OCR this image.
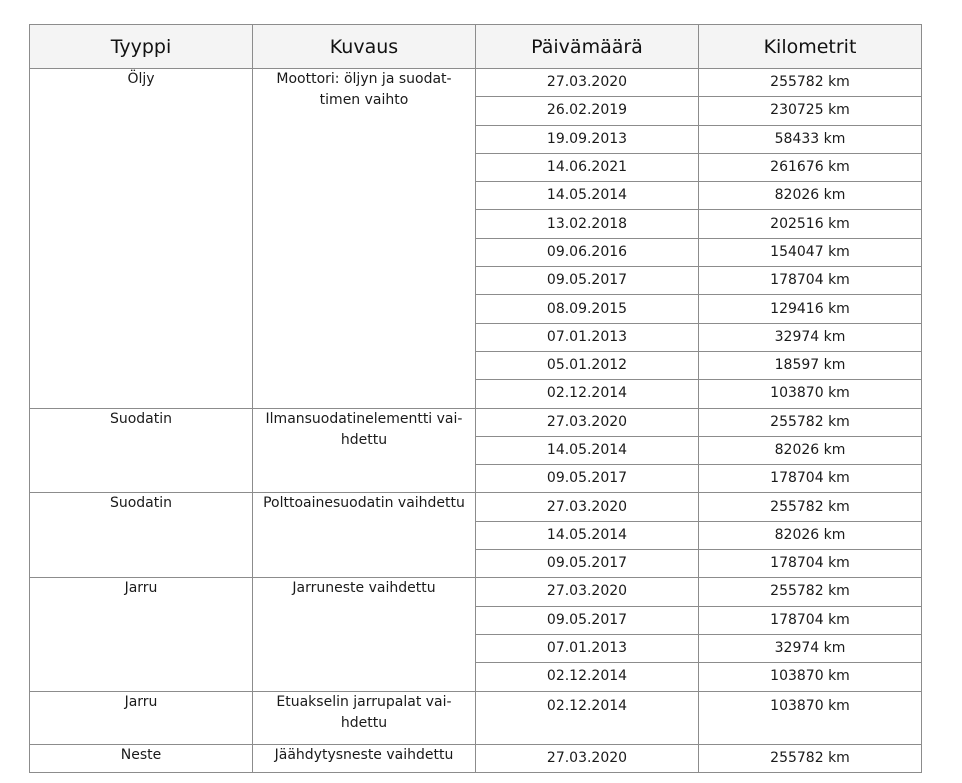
Tyyppi	Kuvaus	Päivämäärä	Kilometrit
Öljy	Moottori: öljyn ja suodat-timen vaihto	27.03.2020	255782 km
		26.02.2019	230725 km
		19.09.2013	58433 km
		14.06.2021	261676 km
		14.05.2014	82026 km
		13.02.2018	202516 km
		09.06.2016	154047 km
		09.05.2017	178704 km
		08.09.2015	129416 km
		07.01.2013	32974 km
		05.01.2012	18597 km
		02.12.2014	103870 km
Suodatin	Ilmansuodatinelementti vai-hdettu	27.03.2020	255782 km
		14.05.2014	82026 km
		09.05.2017	178704 km
Suodatin	Polttoainesuodatin vaihdettu	27.03.2020	255782 km
		14.05.2014	82026 km
		09.05.2017	178704 km
Jarru	Jarruneste vaihdettu	27.03.2020	255782 km
		09.05.2017	178704 km
		07.01.2013	32974 km
		02.12.2014	103870 km
Jarru	Etuakselin jarrupalat vai-hdettu	02.12.2014	103870 km
Neste	Jäähdytysneste vaihdettu	27.03.2020	255782 km
